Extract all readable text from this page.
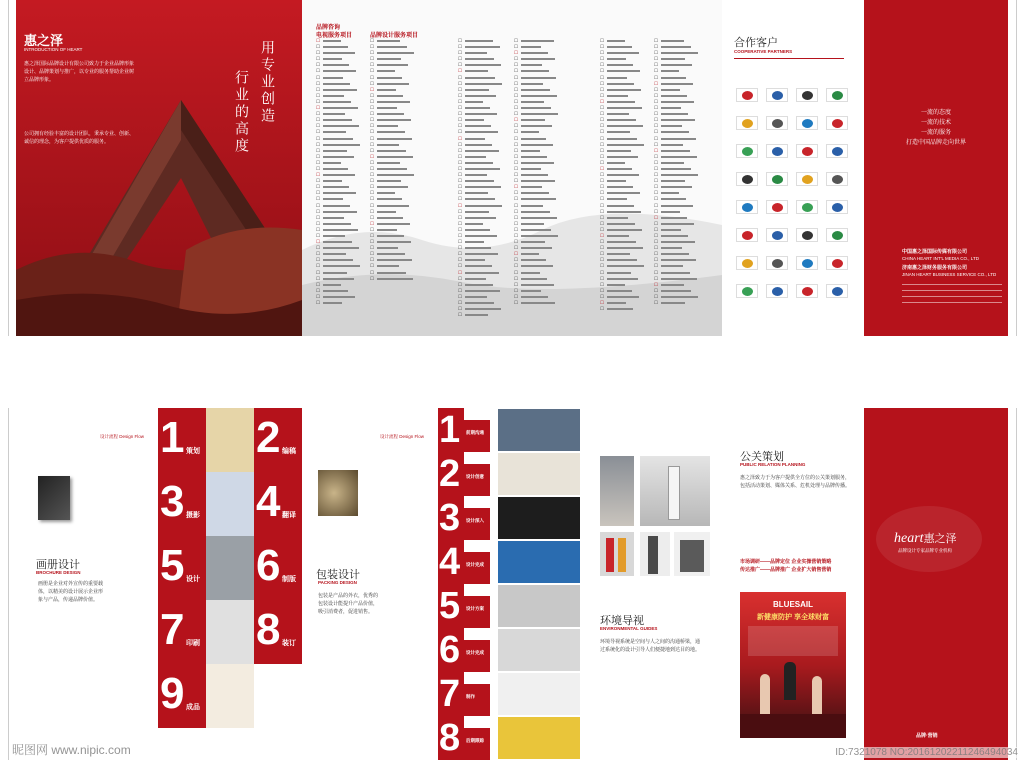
惠之泽
INTRODUCTION OF HEART
惠之泽国际品牌设计有限公司致力于企业品牌形象设计、品牌策划与推广，以专业的服务帮助企业树立品牌形象。
公司拥有经验丰富的设计团队，秉承专业、创新、诚信的理念，为客户提供优质的服务。
用专业创造
行业的高度
品牌咨询
电视服务项目	品牌设计服务项目
☐
☐
☐
☐
☐
☐
☐
☐
☐
☐
☐
☐
☐
☐
☐
☐
☐
☐
☐
☐
☐
☐
☐
☐
☐
☐
☐
☐
☐
☐
☐
☐
☐
☐
☐
☐
☐
☐
☐
☐
☐
☐
☐
☐
☐
☐
☐
☐
☐
☐
☐
☐
☐
☐
☐
☐
☐
☐
☐
☐
☐
☐
☐
☐
☐
☐
☐
☐
☐
☐
☐
☐
☐
☐
☐
☐
☐
☐
☐
☐
☐
☐
☐
☐
☐
☐
☐
☐
☐
☐
☐
☐
☐
☐
☐
☐
☐
☐
☐
☐
☐
☐
☐
☐
☐
☐
☐
☐
☐
☐
☐
☐
☐
☐
☐
☐
☐
☐
☐
☐
☐
☐
☐
☐
☐
☐
☐
☐
☐
☐
☐
☐
☐
☐
☐
☐
☐
☐
☐
☐
☐
☐
☐
☐
☐
☐
☐
☐
☐
☐
☐
☐
☐
☐
☐
☐
☐
☐
☐
☐
☐
☐
☐
☐
☐
☐
☐
☐
☐
☐
☐
☐
☐
☐
☐
☐
☐
☐
☐
☐
☐
☐
☐
☐
☐
☐
☐
☐
☐
☐
☐
☐
☐
☐
☐
☐
☐
☐
☐
☐
☐
☐
☐
☐
☐
☐
☐
☐
☐
☐
☐
☐
☐
☐
☐
☐
☐
☐
☐
☐
☐
☐
☐
☐
☐
☐
☐
☐
☐
☐
☐
☐
☐
☐
☐
☐
☐
☐
☐
☐
☐
☐
☐
☐
☐
☐
☐
☐
☐
☐
☐
☐
☐
☐
☐
☐
☐
☐
☐
☐
☐
☐
☐
合作客户
COOPERATIVE PARTNERS
一流的态度
一流的技术
一流的服务
打造中国品牌走向世界
中国惠之泽国际传媒有限公司
CHINA HEART INT'L MEDIA CO., LTD
济南惠之泽财务服务有限公司
JINAN HEART BUSINESS SERVICE CO., LTD
设计流程 Design Flow
画册设计
BROCHURE DESIGN
画册是企业对外宣传的重要载体，以精美的设计展示企业形象与产品，传递品牌价值。
1 策划 2 编稿
3 摄影 4 翻译
5 设计 6 制版
7 印刷 8 装订
9 成品
设计流程 Design Flow
包装设计
PACKING DESIGN
包装是产品的外衣，优秀的包装设计能提升产品价值，吸引消费者，促进销售。
1 前期沟通
2 设计创意
3 设计深入
4 设计完成
5 设计方案
6 设计完成
7 制作
8 后期跟踪
环境导视
ENVIRONMENTAL GUIDES
环境导视系统是空间与人之间的沟通桥梁，通过系统化的设计引导人们便捷地到达目的地。
公关策划
PUBLIC RELATION PLANNING
惠之泽致力于为客户提供全方位的公关策划服务，包括活动策划、媒体关系、危机处理与品牌传播。
市场调研——品牌定位 企业实操营销策略
传达推广——品牌推广 企业扩大销售营销
BLUESAIL
新健康防护 享全球财富
heart惠之泽
品牌设计专家品牌专业机构
品牌·营销
昵图网 www.nipic.com	ID:7321078 NO:20161202211246494034
